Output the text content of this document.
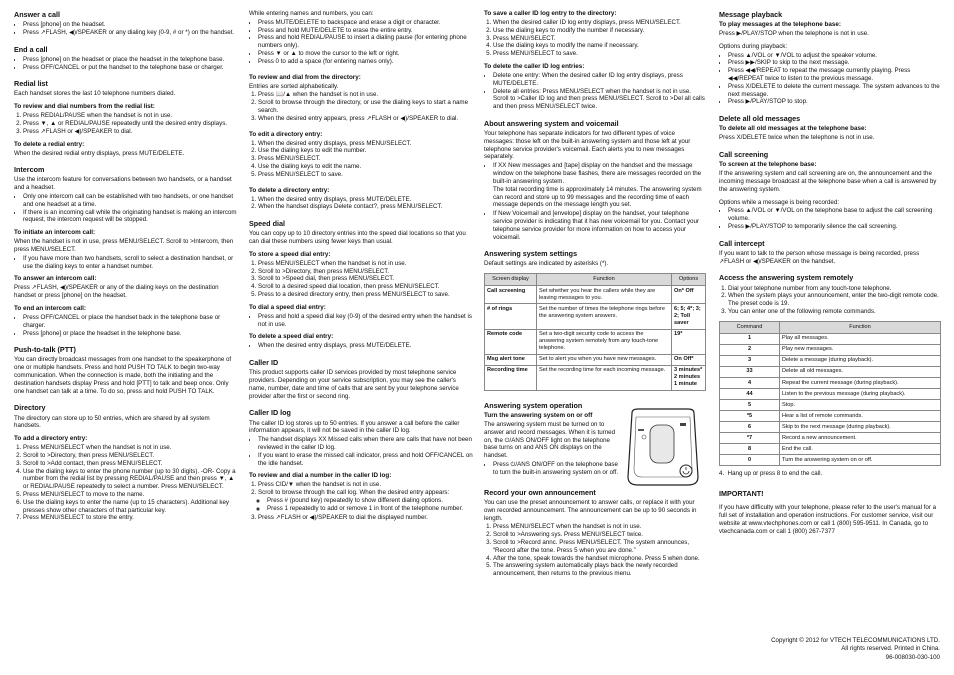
Answer a call
• Press [phone] on the headset.
• Press ↗FLASH, ◀)/SPEAKER or any dialing key (0-9, # or *) on the handset.
End a call
• Press [phone] on the headset or place the headset in the telephone base.
• Press OFF/CANCEL or put the handset to the telephone base or charger.
Redial list

Each handset stores the last 10 telephone numbers dialed.

To review and dial numbers from the redial list:
1. Press REDIAL/PAUSE when the handset is not in use.
2. Press ▼, ▲ or REDIAL/PAUSE repeatedly until the desired entry displays.
3. Press ↗FLASH or ◀)/SPEAKER to dial.
To delete a redial entry:

When the desired redial entry displays, press MUTE/DELETE.

Intercom

Use the intercom feature for conversations between two handsets, or a handset and a headset.

• Only one intercom call can be established with two handsets, or one handset and one headset at a time.
• If there is an incoming call while the originating handset is making an intercom request, the intercom request will be stopped.
To initiate an intercom call:

When the handset is not in use, press MENU/SELECT. Scroll to >Intercom, then press MENU/SELECT.

• If you have more than two handsets, scroll to select a destination handset, or use the dialing keys to enter a handset number.
To answer an intercom call:

Press ↗FLASH, ◀)/SPEAKER or any of the dialing keys on the destination handset or press [phone] on the headset.

To end an intercom call:
• Press OFF/CANCEL or place the handset back in the telephone base or charger.
• Press [phone] or place the headset in the telephone base.
Push-to-talk (PTT)

You can directly broadcast messages from one handset to the speakerphone of one or multiple handsets. Press and hold PUSH TO TALK to begin two-way communication. When the connection is made, both the initiating and the destination handsets display Press and hold [PTT] to talk and beep once. Only one handset can talk at a time. To do so, press and hold PUSH TO TALK.

Directory

The directory can store up to 50 entries, which are shared by all system handsets.

To add a directory entry:
1. Press MENU/SELECT when the handset is not in use.
2. Scroll to >Directory, then press MENU/SELECT.
3. Scroll to >Add contact, then press MENU/SELECT.
4. Use the dialing keys to enter the phone number (up to 30 digits). -OR- Copy a number from the redial list by pressing REDIAL/PAUSE and then press ▼, ▲ or REDIAL/PAUSE repeatedly to select a number. Press MENU/SELECT.
5. Press MENU/SELECT to move to the name.
6. Use the dialing keys to enter the name (up to 15 characters). Additional key presses show other characters of that particular key.
7. Press MENU/SELECT to store the entry.

While entering names and numbers, you can:

• Press MUTE/DELETE to backspace and erase a digit or character.
• Press and hold MUTE/DELETE to erase the entire entry.
• Press and hold REDIAL/PAUSE to insert a dialing pause (for entering phone numbers only).
• Press ▼ or ▲ to move the cursor to the left or right.
• Press 0 to add a space (for entering names only).
To review and dial from the directory:

Entries are sorted alphabetically.

1. Press 📖/▲ when the handset is not in use.
2. Scroll to browse through the directory, or use the dialing keys to start a name search.
3. When the desired entry appears, press ↗FLASH or ◀)/SPEAKER to dial.
To edit a directory entry:
1. When the desired entry displays, press MENU/SELECT.
2. Use the dialing keys to edit the number.
3. Press MENU/SELECT.
4. Use the dialing keys to edit the name.
5. Press MENU/SELECT to save.
To delete a directory entry:
1. When the desired entry displays, press MUTE/DELETE.
2. When the handset displays Delete contact?, press MENU/SELECT.
Speed dial

You can copy up to 10 directory entries into the speed dial locations so that you can dial these numbers using fewer keys than usual.

To store a speed dial entry:
1. Press MENU/SELECT when the handset is not in use.
2. Scroll to >Directory, then press MENU/SELECT.
3. Scroll to >Speed dial, then press MENU/SELECT.
4. Scroll to a desired speed dial location, then press MENU/SELECT.
5. Press to a desired directory entry, then press MENU/SELECT to save.
To dial a speed dial entry:
• Press and hold a speed dial key (0-9) of the desired entry when the handset is not in use.
To delete a speed dial entry:
• When the desired entry displays, press MUTE/DELETE.
Caller ID

This product supports caller ID services provided by most telephone service providers. Depending on your service subscription, you may see the caller's name, number, date and time of calls that are sent by your telephone service provider after the first or second ring.

Caller ID log

The caller ID log stores up to 50 entries. If you answer a call before the caller information appears, it will not be saved in the caller ID log.

• The handset displays XX Missed calls when there are calls that have not been reviewed in the caller ID log.
• If you want to erase the missed call indicator, press and hold OFF/CANCEL on the idle handset.
To review and dial a number in the caller ID log:
1. Press CID/▼ when the handset is not in use.
2. Scroll to browse through the call log. When the desired entry appears:
◦ Press # (pound key) repeatedly to show different dialing options.
◦ Press 1 repeatedly to add or remove 1 in front of the telephone number.
3. Press ↗FLASH or ◀)/SPEAKER to dial the displayed number.
To save a caller ID log entry to the directory:
1. When the desired caller ID log entry displays, press MENU/SELECT.
2. Use the dialing keys to modify the number if necessary.
3. Press MENU/SELECT.
4. Use the dialing keys to modify the name if necessary.
5. Press MENU/SELECT to save.
To delete the caller ID log entries:
• Delete one entry: When the desired caller ID log entry displays, press MUTE/DELETE.
• Delete all entries: Press MENU/SELECT when the handset is not in use. Scroll to >Caller ID log and then press MENU/SELECT. Scroll to >Del all calls and then press MENU/SELECT twice.
About answering system and voicemail

Your telephone has separate indicators for two different types of voice messages: those left on the built-in answering system and those left at your telephone service provider's voicemail. Each alerts you to new messages separately.

• If XX New messages and [tape] display on the handset and the message window on the telephone base flashes, there are messages recorded on the built-in answering system.

The total recording time is approximately 14 minutes. The answering system can record and store up to 99 messages and the recording time of each message depends on the message length you set.

• If New Voicemail and [envelope] display on the handset, your telephone service provider is indicating that it has new voicemail for you. Contact your telephone service provider for more information on how to access your voicemail.
Answering system settings

Default settings are indicated by asterisks (*).

Screen display	Function	Options
Call screening	Set whether you hear the callers while they are leaving messages to you.	On* Off
# of rings	Set the number of times the telephone rings before the answering system answers.	6; 5; 4*; 3; 2; Toll saver
Remote code	Set a two-digit security code to access the answering system remotely from any touch-tone telephone.	19*
Msg alert tone	Set to alert you when you have new messages.	On Off*
Recording time	Set the recording time for each incoming message.	3 minutes* 2 minutes 1 minute
Answering system operation
Turn the answering system on or off

The answering system must be turned on to answer and record messages. When it is turned on, the ⏻/ANS ON/OFF light on the telephone base turns on and ANS ON displays on the handset.

• Press ⏻/ANS ON/OFF on the telephone base to turn the built-in answering system on or off.
Record your own announcement

You can use the preset announcement to answer calls, or replace it with your own recorded announcement. The announcement can be up to 90 seconds in length.

1. Press MENU/SELECT when the handset is not in use.
2. Scroll to >Answering sys. Press MENU/SELECT twice.
3. Scroll to >Record annc. Press MENU/SELECT. The system announces, “Record after the tone. Press 5 when you are done.”
4. After the tone, speak towards the handset microphone. Press 5 when done.
5. The answering system automatically plays back the newly recorded announcement, then returns to the previous menu.
Message playback
To play messages at the telephone base:

Press ▶/PLAY/STOP when the telephone is not in use.

Options during playback:

• Press ▲/VOL or ▼/VOL to adjust the speaker volume.
• Press ▶▶/SKIP to skip to the next message.
• Press ◀◀/REPEAT to repeat the message currently playing. Press ◀◀/REPEAT twice to listen to the previous message.
• Press X/DELETE to delete the current message. The system advances to the next message.
• Press ▶/PLAY/STOP to stop.
Delete all old messages
To delete all old messages at the telephone base:

Press X/DELETE twice when the telephone is not in use.

Call screening
To screen at the telephone base:

If the answering system and call screening are on, the announcement and the incoming message broadcast at the telephone base when a call is answered by the answering system.

Options while a message is being recorded:

• Press ▲/VOL or ▼/VOL on the telephone base to adjust the call screening volume.
• Press ▶/PLAY/STOP to temporarily silence the call screening.
Call intercept

If you want to talk to the person whose message is being recorded, press ↗FLASH or ◀)/SPEAKER on the handset.

Access the answering system remotely
1. Dial your telephone number from any touch-tone telephone.
2. When the system plays your announcement, enter the two-digit remote code. The preset code is 19.
3. You can enter one of the following remote commands.
Command	Function
1	Play all messages.
2	Play new messages.
3	Delete a message (during playback).
33	Delete all old messages.
4	Repeat the current message (during playback).
44	Listen to the previous message (during playback).
5	Stop.
*5	Hear a list of remote commands.
6	Skip to the next message (during playback).
*7	Record a new announcement.
8	End the call.
0	Turn the answering system on or off.

4.  Hang up or press 8 to end the call.

IMPORTANT!

If you have difficulty with your telephone, please refer to the user's manual for a full set of installation and operation instructions. For customer service, visit our website at www.vtechphones.com or call 1 (800) 595-9511. In Canada, go to vtechcanada.com or call 1 (800) 267-7377

Copyright © 2012 for VTECH TELECOMMUNICATIONS LTD.

All rights reserved. Printed in China.

96-008030-030-100
